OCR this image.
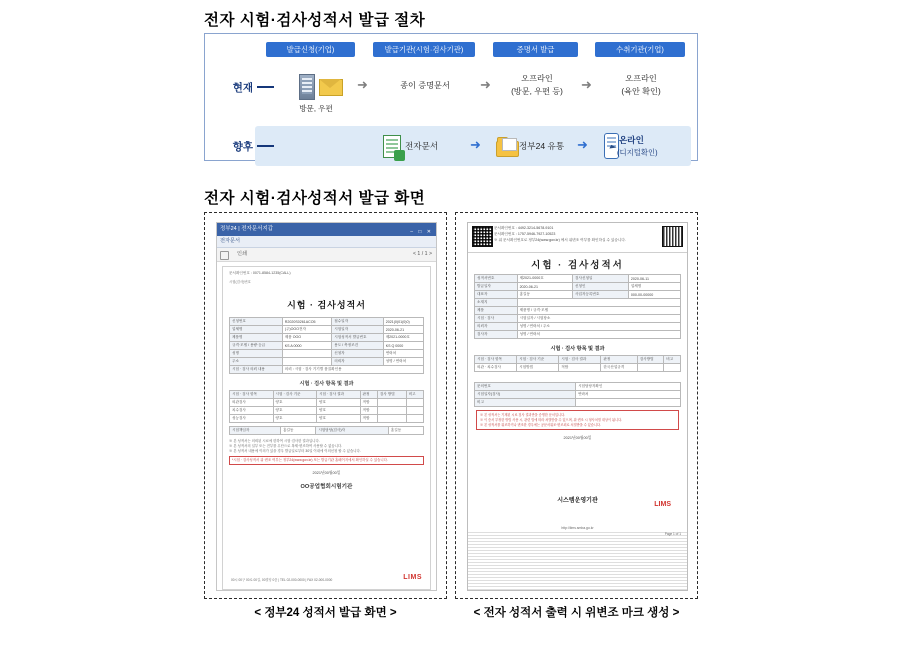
전자 시험·검사성적서 발급 절차
전자 시험·검사성적서 발급 화면
발급신청(기업)	발급기관(시험·검사기관)	증명서 발급	수취기관(기업)
현재
방문, 우편
➜	종이 증명문서	➜	오프라인
(방문, 우편 등)	➜	오프라인
(육안 확인)
향후	전자문서 ➜	정부24 유통 ➜	온라인
(디지털확인)
정부24 | 전자문서지갑	– □ ✕
전자문서
인쇄	< 1 / 1 >
문서확인번호 : 0071-8584-1235(CALL)
시험(검사)번호
시험 · 검사성적서
신청번호	R2020S0261ACO5	접수일자	2021(0)01(0)0)
업체명	(주)OOO전자	시험일자	2020-06-21
제품명	제품 OOO	시험성적서 발급번호	제2021-0000호
규격·모델 / 용량·등급	KS A 0000	용도 / 측정조건	KS Q 0000
성명		신청자	연락처
주소		의뢰자	성명 / 연락처
시험 · 검사 의뢰 내용	의뢰 : 시험 · 검사 기기별 품질확인용		
시험 · 검사 항목 및 결과
시험 · 검사 항목	시험 · 검사 기준	시험 · 검사 결과	판정	검사 방법	비고
외관검사	양호	양호	적합		
치수검사	양호	양호	적합		
성능검사	양호	양호	적합		
시험책임자	홍길동	시험담당(검사)자	홍길동
※ 본 성적서는 의뢰된 시료에 한하여 시험·검사한 결과입니다.
※ 본 성적서의 일부 또는 전부를 무단으로 복제·변조하여 사용할 수 없습니다.
※ 본 성적서 내용에 이의가 있을 경우 발급일로부터 30일 이내에 이의신청 할 수 있습니다.
*시험 · 검사성적서 위·변조 여부는 정부24(www.gov.kr) 또는 발급기관 홈페이지에서 확인하실 수 있습니다.
2021년00월00일
OO공업협회시험기관
LIMS
00시 00구 00로 00길, 00빌딩 0층 | TEL 02-000-0000 | FAX 02-000-0000
< 정부24 성적서 발급 화면 >
문서확인번호 : 4492-3214-5678-9101
문서확인번호 : 1757-5946-7927-10523
※ 위 문서확인번호로 정부24(www.gov.kr) 에서 위변조 여부를 확인하실 수 있습니다.
시험 · 검사성적서
성적서번호	제2021-0000호	검사신청일	2020-06-11
발급일자	2020-06-21	신청인	업체명
대표자	홍길동	사업자등록번호	000-00-00000
소재지			
제품	제품명 / 규격·모델		
시험 · 검사	시험일자 / 시험장소		
의뢰자	성명 / 연락처 / 주소		
검사자	성명 / 연락처		
시험 · 검사 항목 및 결과
시험 · 검사 항목	시험 · 검사 기준	시험 · 검사 결과	판정	검사방법	비고
외관 · 치수검사	시험방법	적합	한국산업규격		
문의번호	시험담당자확인
시험일자(검사)	연락처
비고	
※ 본 성적서는 기재된 시료 검사 결과만을 증명한 문서입니다.
※ 이 증서 부정한 방법 사용 시, 관련 법에 따라 처벌받을 수 있으며, 위·변조 시 형사처벌 대상이 됩니다.
※ 본 성적서를 위조하거나 변조한 경우에는 공문서위조·변조죄로 처벌받을 수 있습니다.
2021년00월00일
시스템운영기관	LIMS
http://lims.smba.go.kr
Page 1 of 1
< 전자 성적서 출력 시 위변조 마크 생성 >
